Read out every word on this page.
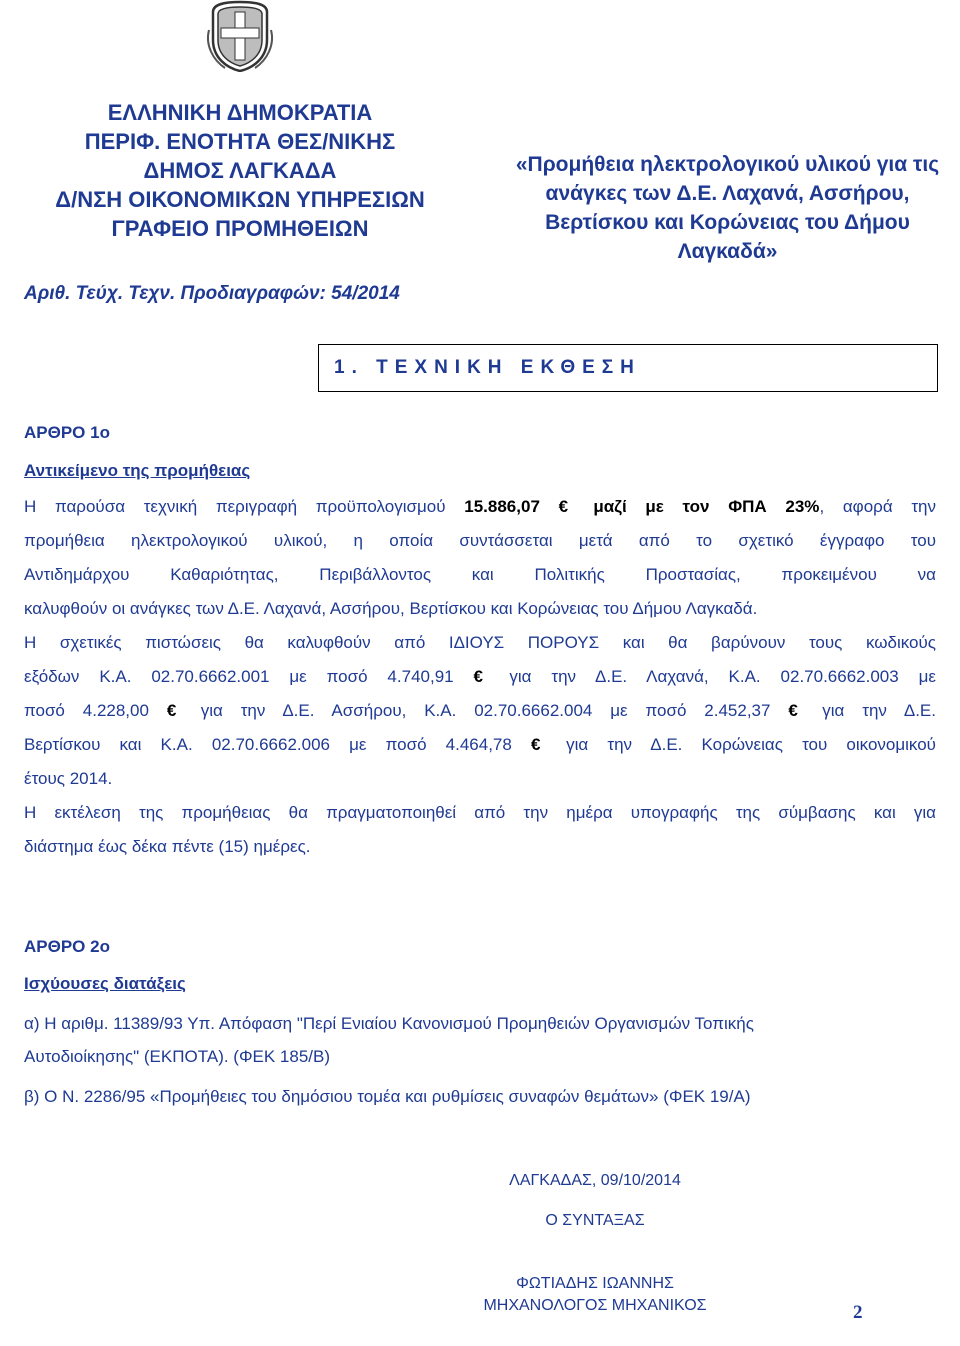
ΕΛΛΗΝΙΚΗ ΔΗΜΟΚΡΑΤΙΑ
ΠΕΡΙΦ. ΕΝΟΤΗΤΑ ΘΕΣ/ΝΙΚΗΣ
ΔΗΜΟΣ ΛΑΓΚΑΔΑ
Δ/ΝΣΗ ΟΙΚΟΝΟΜΙΚΩΝ ΥΠΗΡΕΣΙΩΝ
ΓΡΑΦΕΙΟ ΠΡΟΜΗΘΕΙΩΝ
«Προμήθεια ηλεκτρολογικού υλικού για τις
ανάγκες των Δ.Ε. Λαχανά, Ασσήρου,
Βερτίσκου και Κορώνειας του Δήμου
Λαγκαδά»
Αριθ. Τεύχ. Τεχν. Προδιαγραφών: 54/2014
1. ΤΕΧΝΙΚΗ ΕΚΘΕΣΗ
ΑΡΘΡΟ 1ο
Αντικείμενο της προμήθειας

Η παρούσα τεχνική περιγραφή προϋπολογισμού 15.886,07 € μαζί με τον ΦΠΑ 23%, αφορά την

προμήθεια ηλεκτρολογικού υλικού, η οποία συντάσσεται μετά από το σχετικό έγγραφο του

Αντιδημάρχου Καθαριότητας, Περιβάλλοντος και Πολιτικής Προστασίας, προκειμένου να

καλυφθούν οι ανάγκες των Δ.Ε. Λαχανά, Ασσήρου, Βερτίσκου και Κορώνειας του Δήμου Λαγκαδά.

Η σχετικές πιστώσεις θα καλυφθούν από ΙΔΙΟΥΣ ΠΟΡΟΥΣ και θα βαρύνουν τους κωδικούς

εξόδων Κ.Α. 02.70.6662.001 με ποσό 4.740,91 € για την Δ.Ε. Λαχανά, Κ.Α. 02.70.6662.003 με

ποσό 4.228,00 € για την Δ.Ε. Ασσήρου, Κ.Α. 02.70.6662.004 με ποσό 2.452,37 € για την Δ.Ε.

Βερτίσκου και Κ.Α. 02.70.6662.006 με ποσό 4.464,78 € για την Δ.Ε. Κορώνειας του οικονομικού

έτους 2014.

Η εκτέλεση της προμήθειας θα πραγματοποιηθεί από την ημέρα υπογραφής της σύμβασης και για

διάστημα έως δέκα πέντε (15) ημέρες.

ΑΡΘΡΟ 2ο
Ισχύουσες διατάξεις
α) Η αριθμ. 11389/93 Υπ. Απόφαση "Περί Ενιαίου Κανονισμού Προμηθειών Οργανισμών Τοπικής
Αυτοδιοίκησης" (ΕΚΠΟΤΑ). (ΦΕΚ 185/Β)
β) Ο Ν. 2286/95 «Προμήθειες του δημόσιου τομέα και ρυθμίσεις συναφών θεμάτων» (ΦΕΚ 19/Α)
ΛΑΓΚΑΔΑΣ, 09/10/2014
Ο ΣΥΝΤΑΞΑΣ
ΦΩΤΙΑΔΗΣ ΙΩΑΝΝΗΣ
ΜΗΧΑΝΟΛΟΓΟΣ ΜΗΧΑΝΙΚΟΣ	2
